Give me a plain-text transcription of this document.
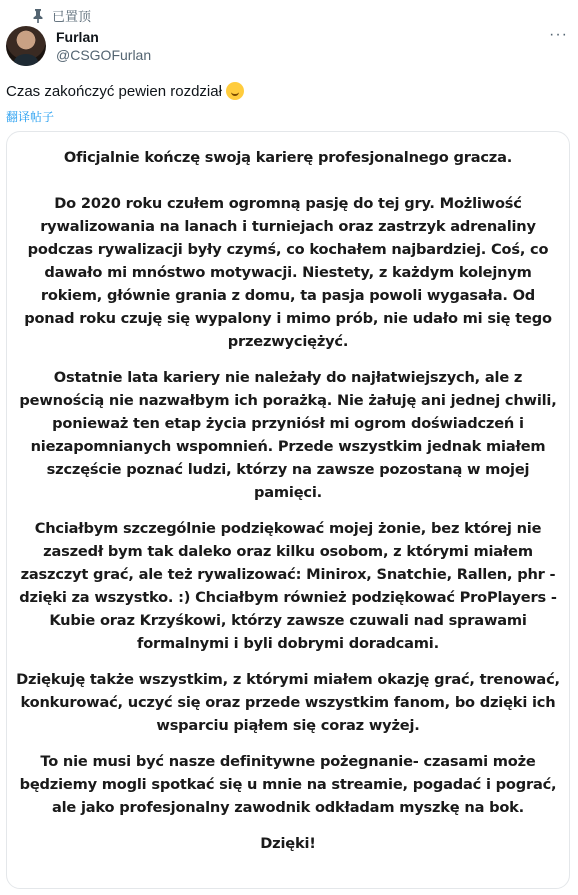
已置顶
Furlan
@CSGOFurlan
···
Czas zakończyć pewien rozdział
翻译帖子

Oficjalnie kończę swoją karierę profesjonalnego gracza.

Do 2020 roku czułem ogromną pasję do tej gry. Możliwość rywalizowania na lanach i turniejach oraz zastrzyk adrenaliny podczas rywalizacji były czymś, co kochałem najbardziej. Coś, co dawało mi mnóstwo motywacji. Niestety, z każdym kolejnym rokiem, głównie grania z domu, ta pasja powoli wygasała. Od ponad roku czuję się wypalony i mimo prób, nie udało mi się tego przezwyciężyć.

Ostatnie lata kariery nie należały do najłatwiejszych, ale z pewnością nie nazwałbym ich porażką. Nie żałuję ani jednej chwili, ponieważ ten etap życia przyniósł mi ogrom doświadczeń i niezapomnianych wspomnień. Przede wszystkim jednak miałem szczęście poznać ludzi, którzy na zawsze pozostaną w mojej pamięci.

Chciałbym szczególnie podziękować mojej żonie, bez której nie zaszedł bym tak daleko oraz kilku osobom, z którymi miałem zaszczyt grać, ale też rywalizować: Minirox, Snatchie, Rallen, phr - dzięki za wszystko. :) Chciałbym również podziękować ProPlayers - Kubie oraz Krzyśkowi, którzy zawsze czuwali nad sprawami formalnymi i byli dobrymi doradcami.

Dziękuję także wszystkim, z którymi miałem okazję grać, trenować, konkurować, uczyć się oraz przede wszystkim fanom, bo dzięki ich wsparciu piąłem się coraz wyżej.

To nie musi być nasze definitywne pożegnanie- czasami może będziemy mogli spotkać się u mnie na streamie, pogadać i pograć, ale jako profesjonalny zawodnik odkładam myszkę na bok.

Dzięki!
